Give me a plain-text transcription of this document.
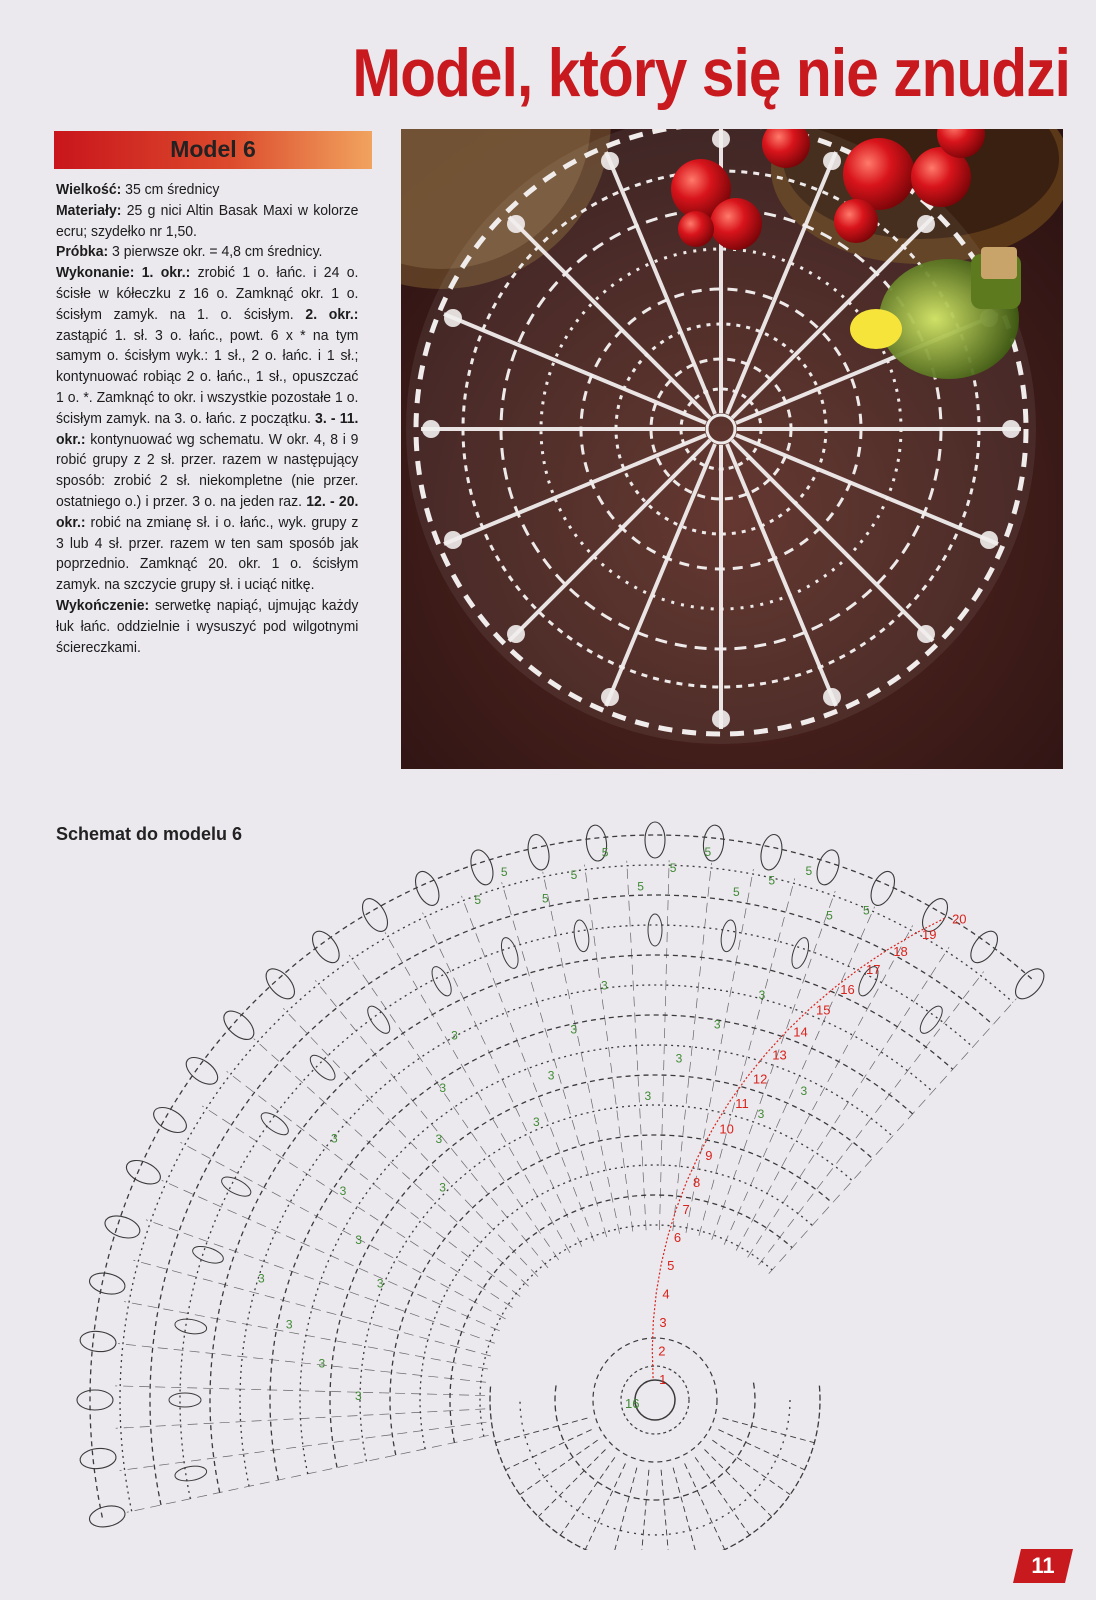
Model, który się nie znudzi
Model 6
Wielkość: 35 cm średnicy
Materiały: 25 g nici Altin Basak Maxi w kolorze ecru; szydełko nr 1,50.
Próbka: 3 pierwsze okr. = 4,8 cm średnicy.
Wykonanie: 1. okr.: zrobić 1 o. łańc. i 24 o. ścisłe w kółeczku z 16 o. Zamknąć okr. 1 o. ścisłym zamyk. na 1. o. ścisłym. 2. okr.: zastąpić 1. sł. 3 o. łańc., powt. 6 x * na tym samym o. ścisłym wyk.: 1 sł., 2 o. łańc. i 1 sł.; kontynuować robiąc 2 o. łańc., 1 sł., opuszczać 1 o. *. Zamknąć to okr. i wszystkie pozostałe 1 o. ścisłym zamyk. na 3. o. łańc. z początku. 3. - 11. okr.: kontynuować wg schematu. W okr. 4, 8 i 9 robić grupy z 2 sł. przer. razem w następujący sposób: zrobić 2 sł. niekompletne (nie przer. ostatniego o.) i przer. 3 o. na jeden raz. 12. - 20. okr.: robić na zmianę sł. i o. łańc., wyk. grupy z 3 lub 4 sł. przer. razem w ten sam sposób jak poprzednio. Zamknąć 20. okr. 1 o. ścisłym zamyk. na szczycie grupy sł. i uciąć nitkę.
Wykończenie: serwetkę napiąć, ujmując każdy łuk łańc. oddzielnie i wysuszyć pod wilgotnymi ściereczkami.
Schemat do modelu 6
1
2
3
4
5
6
7
8
9
10
11
12
13
14
15
16
17
18
19
20
16
3
3
3
3	3
3
3
3
3
3
3
3
3
3
3
3
3
3
3
3
3
3
5
5
5
5
5
5
5
5
5
5
5
5	5
11
